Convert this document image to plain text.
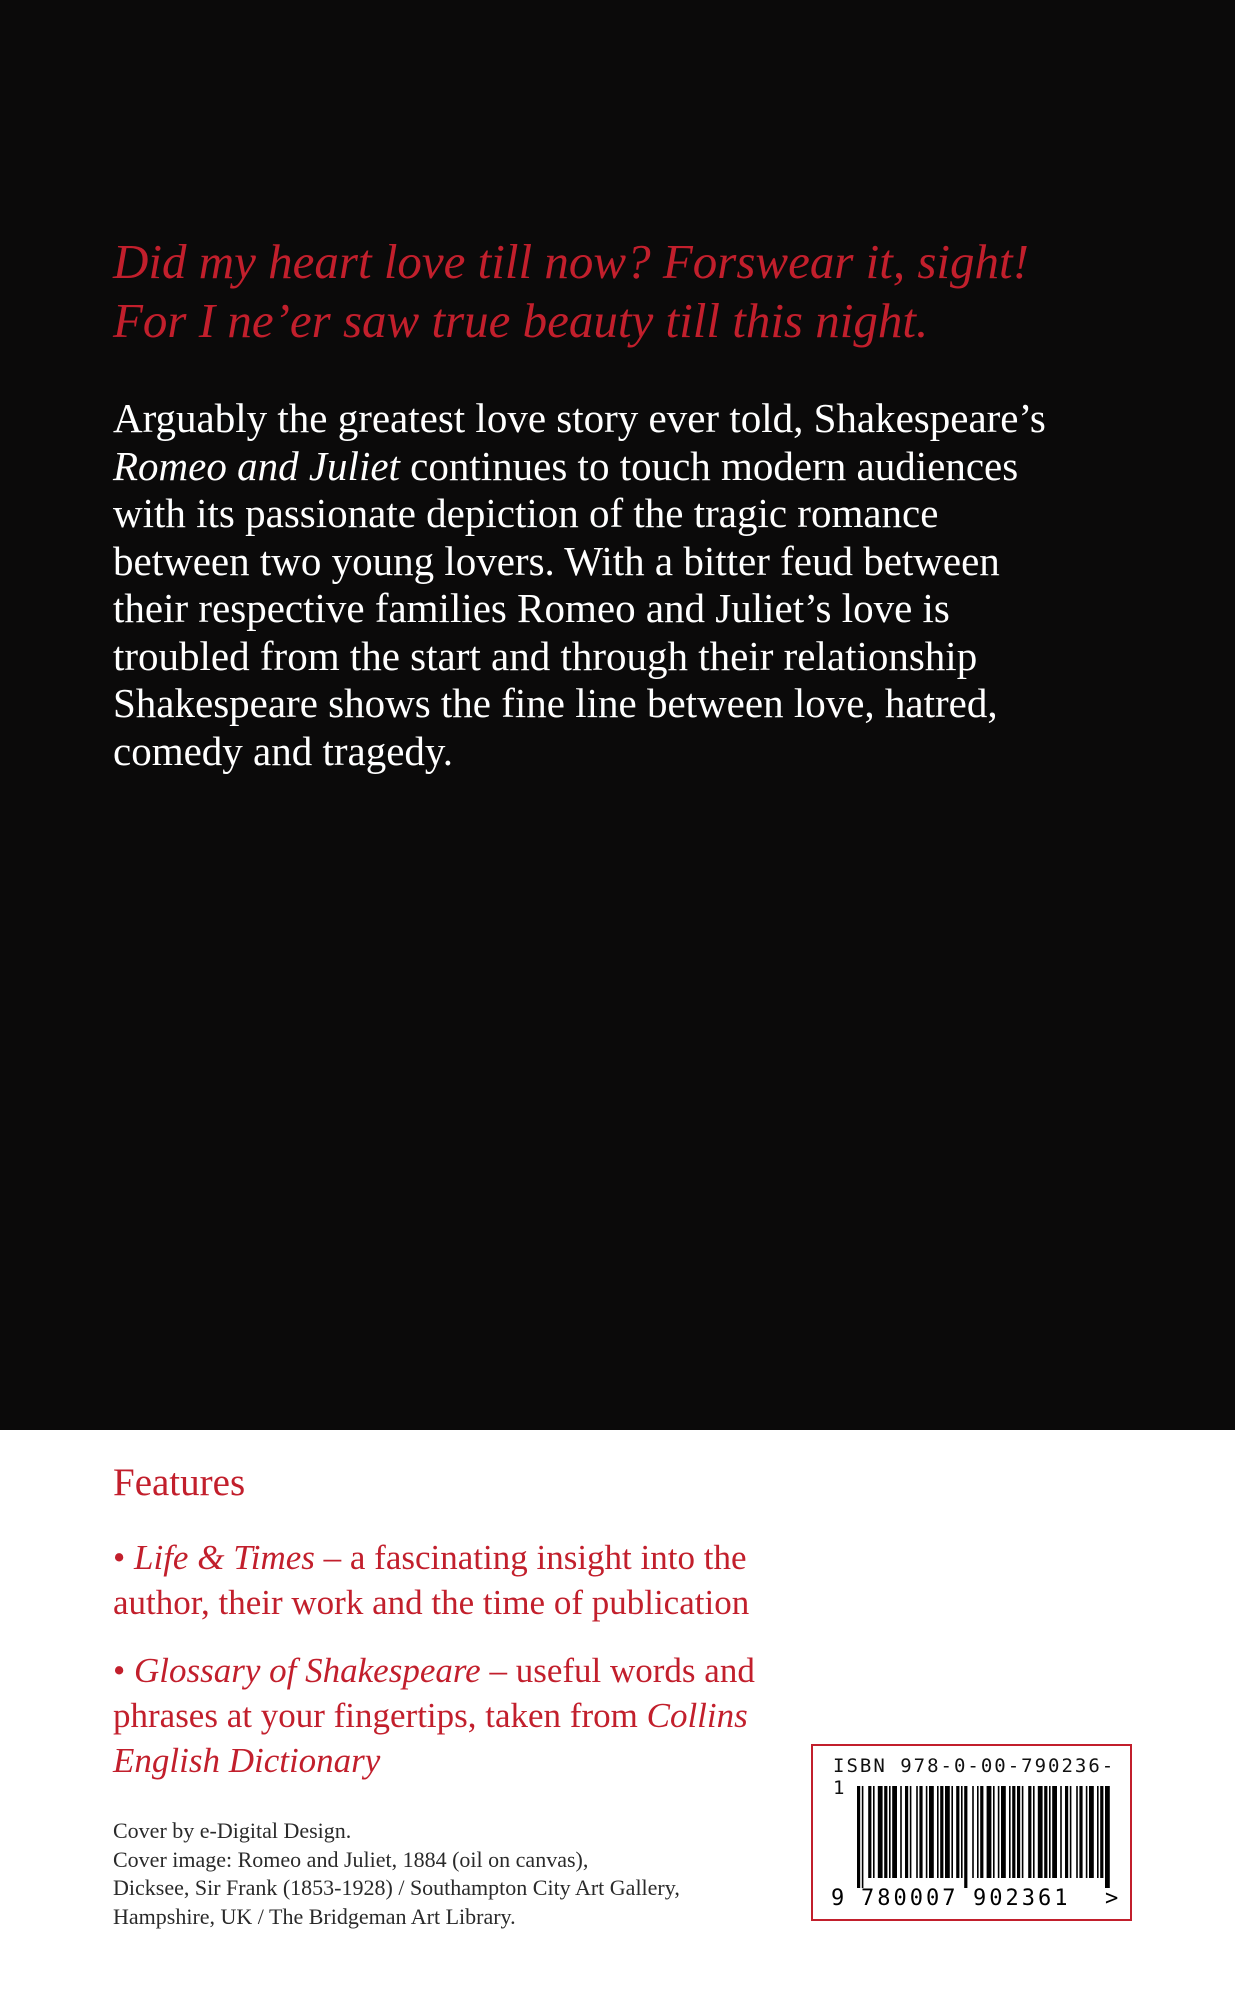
Did my heart love till now? Forswear it, sight!
For I ne’er saw true beauty till this night.
Arguably the greatest love story ever told, Shakespeare’s
Romeo and Juliet continues to touch modern audiences
with its passionate depiction of the tragic romance
between two young lovers. With a bitter feud between
their respective families Romeo and Juliet’s love is
troubled from the start and through their relationship
Shakespeare shows the fine line between love, hatred,
comedy and tragedy.
Features
• Life & Times – a fascinating insight into the
author, their work and the time of publication
• Glossary of Shakespeare – useful words and
phrases at your fingertips, taken from Collins
English Dictionary
Cover by e-Digital Design.
Cover image: Romeo and Juliet, 1884 (oil on canvas),
Dicksee, Sir Frank (1853-1928) / Southampton City Art Gallery,
Hampshire, UK / The Bridgeman Art Library.
ISBN 978-0-00-790236-1
9 780007 902361 >
